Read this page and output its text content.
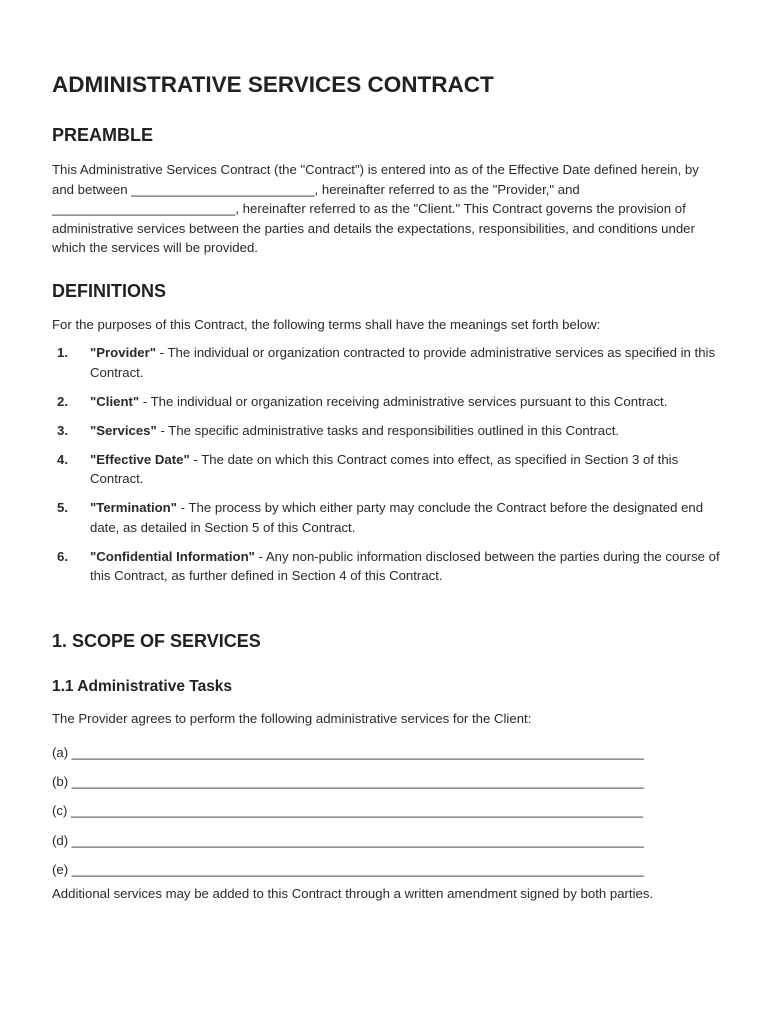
ADMINISTRATIVE SERVICES CONTRACT
PREAMBLE

This Administrative Services Contract (the "Contract") is entered into as of the Effective Date defined herein, by and between _________________________, hereinafter referred to as the "Provider," and _________________________, hereinafter referred to as the "Client." This Contract governs the provision of administrative services between the parties and details the expectations, responsibilities, and conditions under which the services will be provided.

DEFINITIONS

For the purposes of this Contract, the following terms shall have the meanings set forth below:

1. "Provider" - The individual or organization contracted to provide administrative services as specified in this Contract.
2. "Client" - The individual or organization receiving administrative services pursuant to this Contract.
3. "Services" - The specific administrative tasks and responsibilities outlined in this Contract.
4. "Effective Date" - The date on which this Contract comes into effect, as specified in Section 3 of this Contract.
5. "Termination" - The process by which either party may conclude the Contract before the designated end date, as detailed in Section 5 of this Contract.
6. "Confidential Information" - Any non-public information disclosed between the parties during the course of this Contract, as further defined in Section 4 of this Contract.
1. SCOPE OF SERVICES
1.1 Administrative Tasks

The Provider agrees to perform the following administrative services for the Client:

(a) ______________________________________________________________________________
(b) ______________________________________________________________________________
(c) ______________________________________________________________________________
(d) ______________________________________________________________________________
(e) ______________________________________________________________________________

Additional services may be added to this Contract through a written amendment signed by both parties.
